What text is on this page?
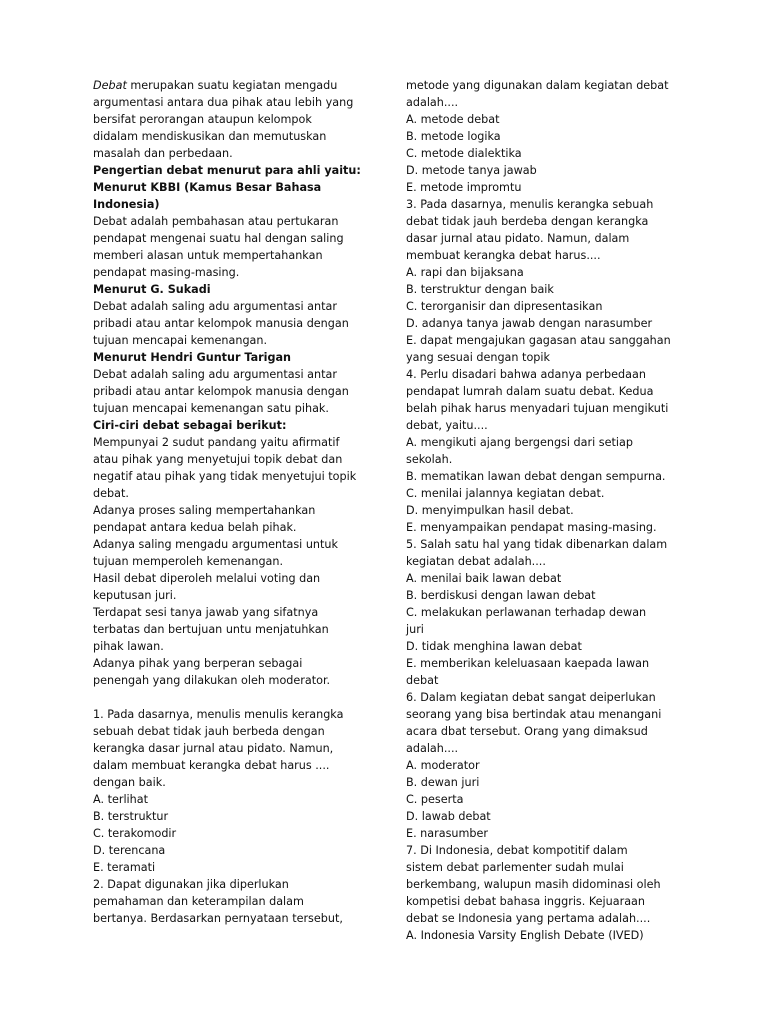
Debat merupakan suatu kegiatan mengadu
argumentasi antara dua pihak atau lebih yang
bersifat perorangan ataupun kelompok
didalam mendiskusikan dan memutuskan
masalah dan perbedaan.
Pengertian debat menurut para ahli yaitu:
Menurut KBBI (Kamus Besar Bahasa
Indonesia)
Debat adalah pembahasan atau pertukaran
pendapat mengenai suatu hal dengan saling
memberi alasan untuk mempertahankan
pendapat masing-masing.
Menurut G. Sukadi
Debat adalah saling adu argumentasi antar
pribadi atau antar kelompok manusia dengan
tujuan mencapai kemenangan.
Menurut Hendri Guntur Tarigan
Debat adalah saling adu argumentasi antar
pribadi atau antar kelompok manusia dengan
tujuan mencapai kemenangan satu pihak.
Ciri-ciri debat sebagai berikut:
Mempunyai 2 sudut pandang yaitu afirmatif
atau pihak yang menyetujui topik debat dan
negatif atau pihak yang tidak menyetujui topik
debat.
Adanya proses saling mempertahankan
pendapat antara kedua belah pihak.
Adanya saling mengadu argumentasi untuk
tujuan memperoleh kemenangan.
Hasil debat diperoleh melalui voting dan
keputusan juri.
Terdapat sesi tanya jawab yang sifatnya
terbatas dan bertujuan untu menjatuhkan
pihak lawan.
Adanya pihak yang berperan sebagai
penengah yang dilakukan oleh moderator.
1. Pada dasarnya, menulis menulis kerangka
sebuah debat tidak jauh berbeda dengan
kerangka dasar jurnal atau pidato. Namun,
dalam membuat kerangka debat harus ....
dengan baik.
A. terlihat
B. terstruktur
C. terakomodir
D. terencana
E. teramati
2. Dapat digunakan jika diperlukan
pemahaman dan keterampilan dalam
bertanya. Berdasarkan pernyataan tersebut,
metode yang digunakan dalam kegiatan debat
adalah....
A. metode debat
B. metode logika
C. metode dialektika
D. metode tanya jawab
E. metode impromtu
3. Pada dasarnya, menulis kerangka sebuah
debat tidak jauh berdeba dengan kerangka
dasar jurnal atau pidato. Namun, dalam
membuat kerangka debat harus....
A. rapi dan bijaksana
B. terstruktur dengan baik
C. terorganisir dan dipresentasikan
D. adanya tanya jawab dengan narasumber
E. dapat mengajukan gagasan atau sanggahan
yang sesuai dengan topik
4. Perlu disadari bahwa adanya perbedaan
pendapat lumrah dalam suatu debat. Kedua
belah pihak harus menyadari tujuan mengikuti
debat, yaitu....
A. mengikuti ajang bergengsi dari setiap
sekolah.
B. mematikan lawan debat dengan sempurna.
C. menilai jalannya kegiatan debat.
D. menyimpulkan hasil debat.
E. menyampaikan pendapat masing-masing.
5. Salah satu hal yang tidak dibenarkan dalam
kegiatan debat adalah....
A. menilai baik lawan debat
B. berdiskusi dengan lawan debat
C. melakukan perlawanan terhadap dewan
juri
D. tidak menghina lawan debat
E. memberikan keleluasaan kaepada lawan
debat
6. Dalam kegiatan debat sangat deiperlukan
seorang yang bisa bertindak atau menangani
acara dbat tersebut. Orang yang dimaksud
adalah....
A. moderator
B. dewan juri
C. peserta
D. lawab debat
E. narasumber
7. Di Indonesia, debat kompotitif dalam
sistem debat parlementer sudah mulai
berkembang, walupun masih didominasi oleh
kompetisi debat bahasa inggris. Kejuaraan
debat se Indonesia yang pertama adalah....
A. Indonesia Varsity English Debate (IVED)
